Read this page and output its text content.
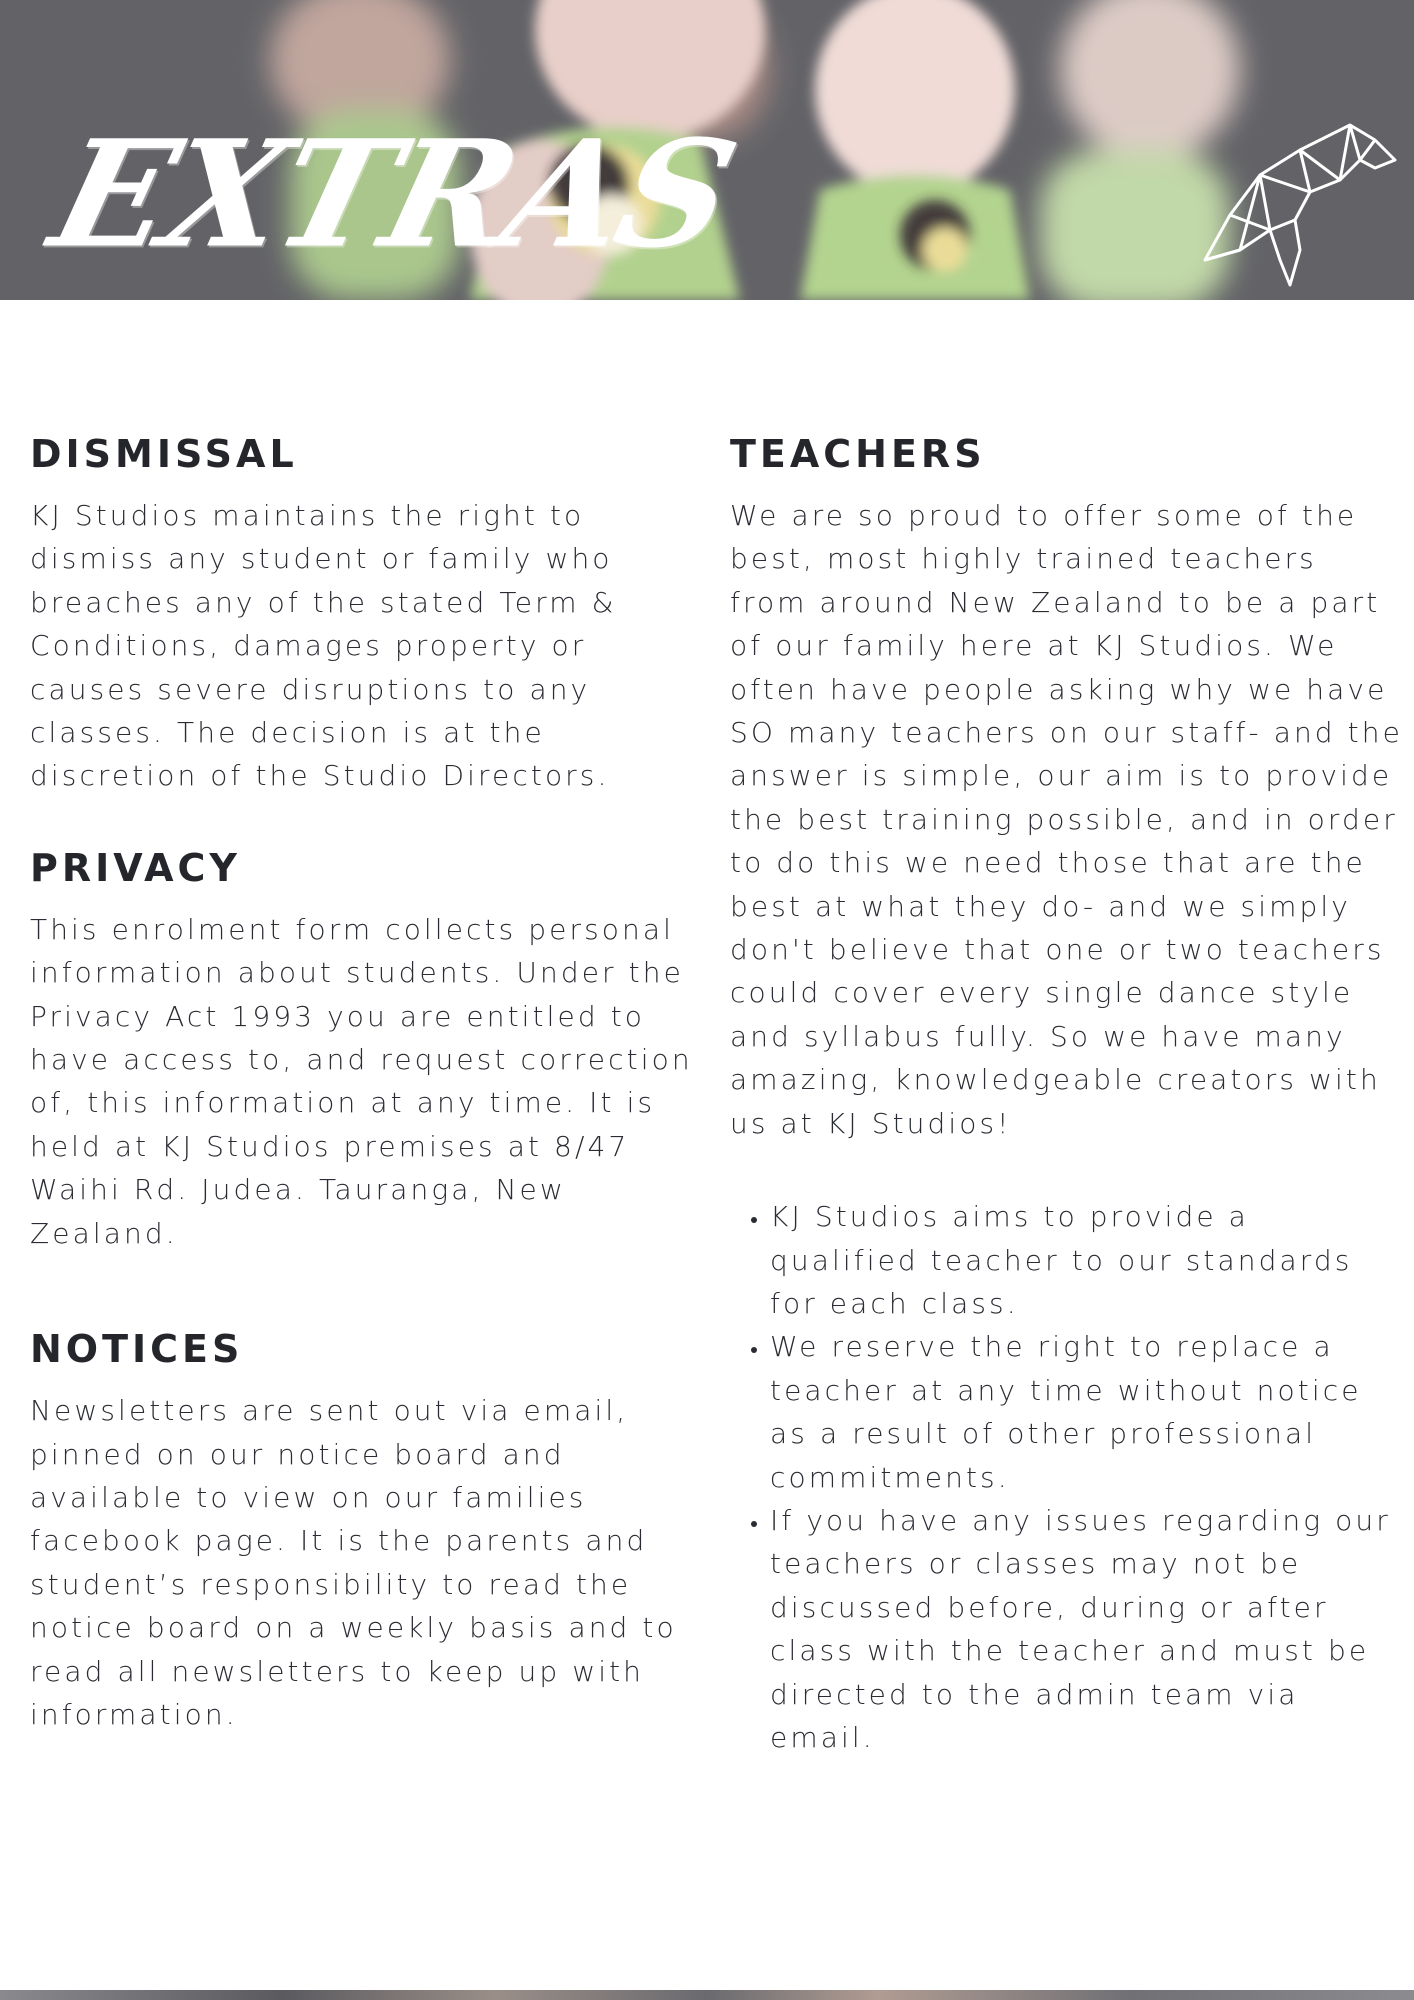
EXTRAS
DISMISSAL

KJ Studios maintains the right to dismiss any student or family who breaches any of the stated Term & Conditions, damages property or causes severe disruptions to any classes. The decision is at the discretion of the Studio Directors.

PRIVACY

This enrolment form collects personal information about students. Under the Privacy Act 1993 you are entitled to have access to, and request correction of, this information at any time. It is held at KJ Studios premises at 8/47 Waihi Rd. Judea. Tauranga, New Zealand.

NOTICES

Newsletters are sent out via email, pinned on our notice board and available to view on our families facebook page. It is the parents and student’s responsibility to read the notice board on a weekly basis and to read all newsletters to keep up with information.

TEACHERS

We are so proud to offer some of the best, most highly trained teachers from around New Zealand to be a part of our family here at KJ Studios. We often have people asking why we have SO many teachers on our staff- and the answer is simple, our aim is to provide the best training possible, and in order to do this we need those that are the best at what they do- and we simply don't believe that one or two teachers could cover every single dance style and syllabus fully. So we have many amazing, knowledgeable creators with us at KJ Studios!

• KJ Studios aims to provide a qualified teacher to our standards for each class.
• We reserve the right to replace a teacher at any time without notice as a result of other professional commitments.
• If you have any issues regarding our teachers or classes may not be discussed before, during or after class with the teacher and must be directed to the admin team via email.
